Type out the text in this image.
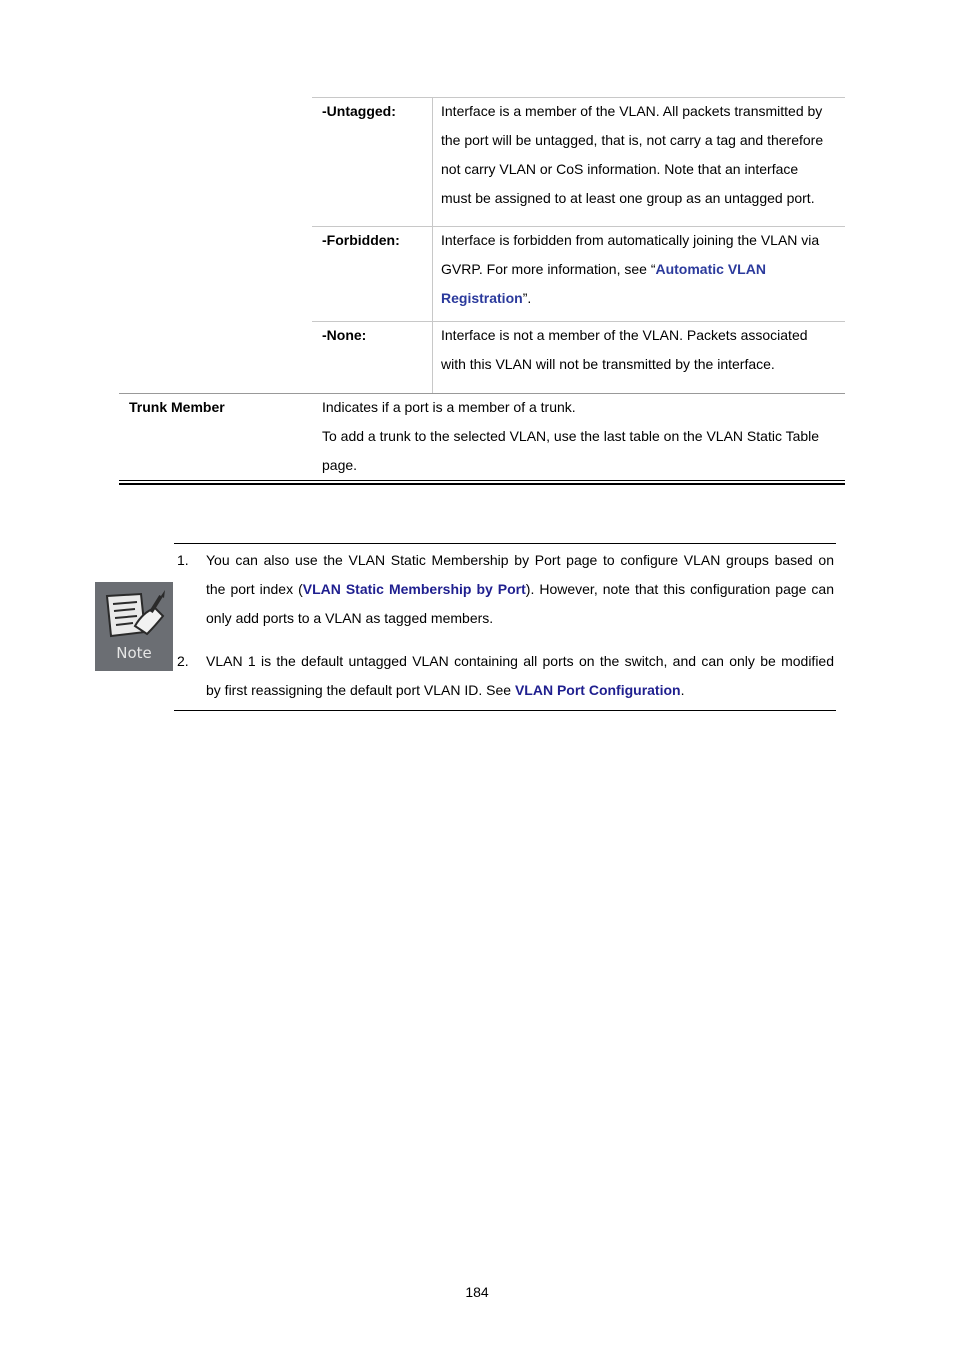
-Untagged:	Interface is a member of the VLAN. All packets transmitted by
the port will be untagged, that is, not carry a tag and therefore
not carry VLAN or CoS information. Note that an interface
must be assigned to at least one group as an untagged port.
-Forbidden:	Interface is forbidden from automatically joining the VLAN via
GVRP. For more information, see “Automatic VLAN
Registration”.
-None:	Interface is not a member of the VLAN. Packets associated
with this VLAN will not be transmitted by the interface.
Trunk Member	Indicates if a port is a member of a trunk.
To add a trunk to the selected VLAN, use the last table on the VLAN Static Table
page.
Note
1. You can also use the VLAN Static Membership by Port page to configure VLAN groups based on
the port index (VLAN Static Membership by Port). However, note that this configuration page can
only add ports to a VLAN as tagged members.
2. VLAN 1 is the default untagged VLAN containing all ports on the switch, and can only be modified
by first reassigning the default port VLAN ID. See VLAN Port Configuration.
184
